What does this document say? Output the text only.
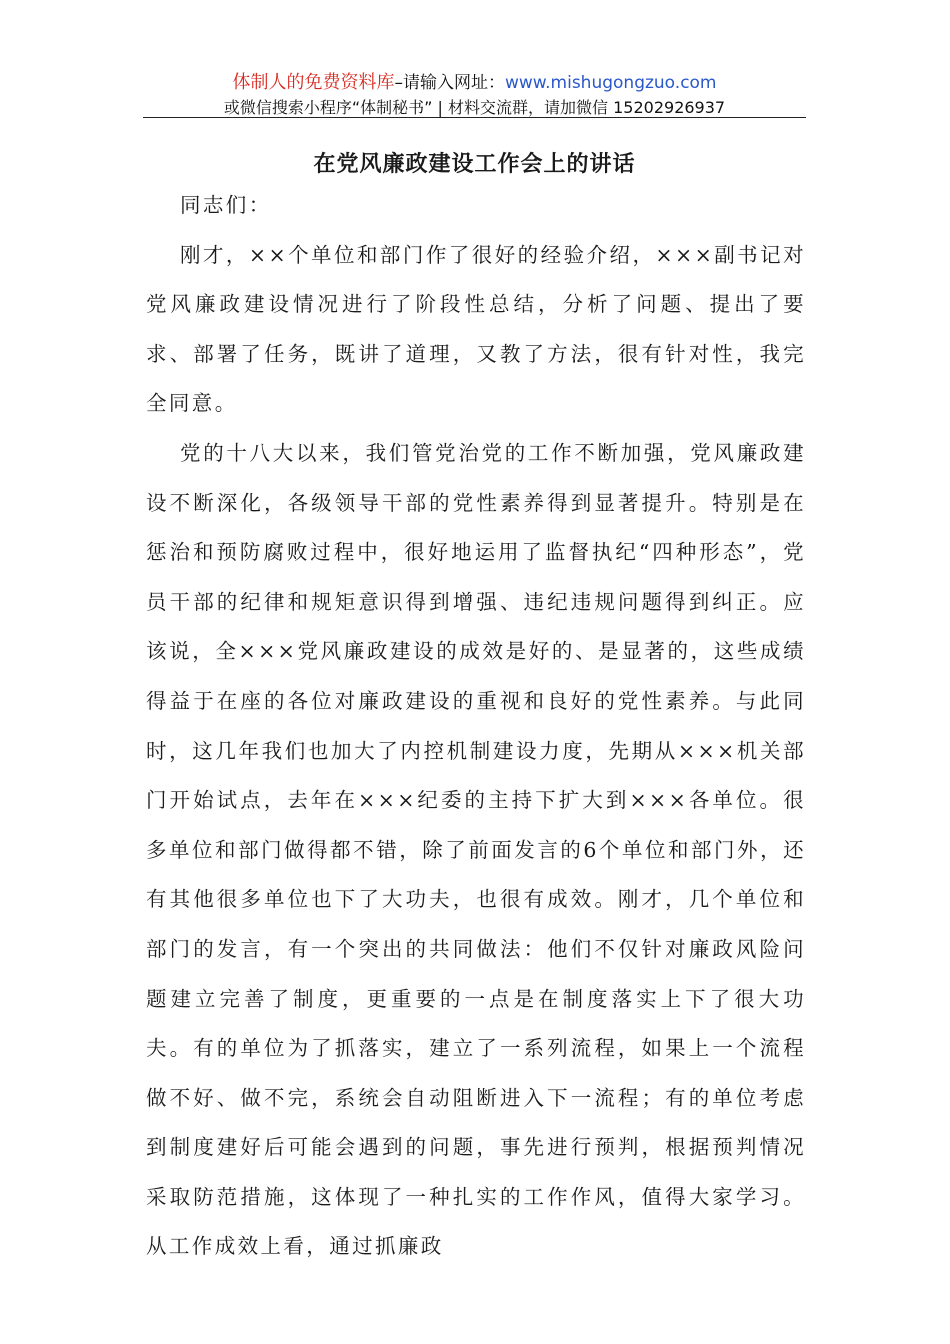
体制人的免费资料库–请输入网址：www.mishugongzuo.com
或微信搜索小程序“体制秘书” | 材料交流群，请加微信 15202926937
在党风廉政建设工作会上的讲话

同志们：

刚才，××个单位和部门作了很好的经验介绍，×××副书记对党风廉政建设情况进行了阶段性总结，分析了问题、提出了要求、部署了任务，既讲了道理，又教了方法，很有针对性，我完全同意。

党的十八大以来，我们管党治党的工作不断加强，党风廉政建设不断深化，各级领导干部的党性素养得到显著提升。特别是在惩治和预防腐败过程中，很好地运用了监督执纪“四种形态”，党员干部的纪律和规矩意识得到增强、违纪违规问题得到纠正。应该说，全×××党风廉政建设的成效是好的、是显著的，这些成绩得益于在座的各位对廉政建设的重视和良好的党性素养。与此同时，这几年我们也加大了内控机制建设力度，先期从×××机关部门开始试点，去年在×××纪委的主持下扩大到×××各单位。很多单位和部门做得都不错，除了前面发言的6个单位和部门外，还有其他很多单位也下了大功夫，也很有成效。刚才，几个单位和部门的发言，有一个突出的共同做法：他们不仅针对廉政风险问题建立完善了制度，更重要的一点是在制度落实上下了很大功夫。有的单位为了抓落实，建立了一系列流程，如果上一个流程做不好、做不完，系统会自动阻断进入下一流程；有的单位考虑到制度建好后可能会遇到的问题，事先进行预判，根据预判情况采取防范措施，这体现了一种扎实的工作作风，值得大家学习。从工作成效上看，通过抓廉政
